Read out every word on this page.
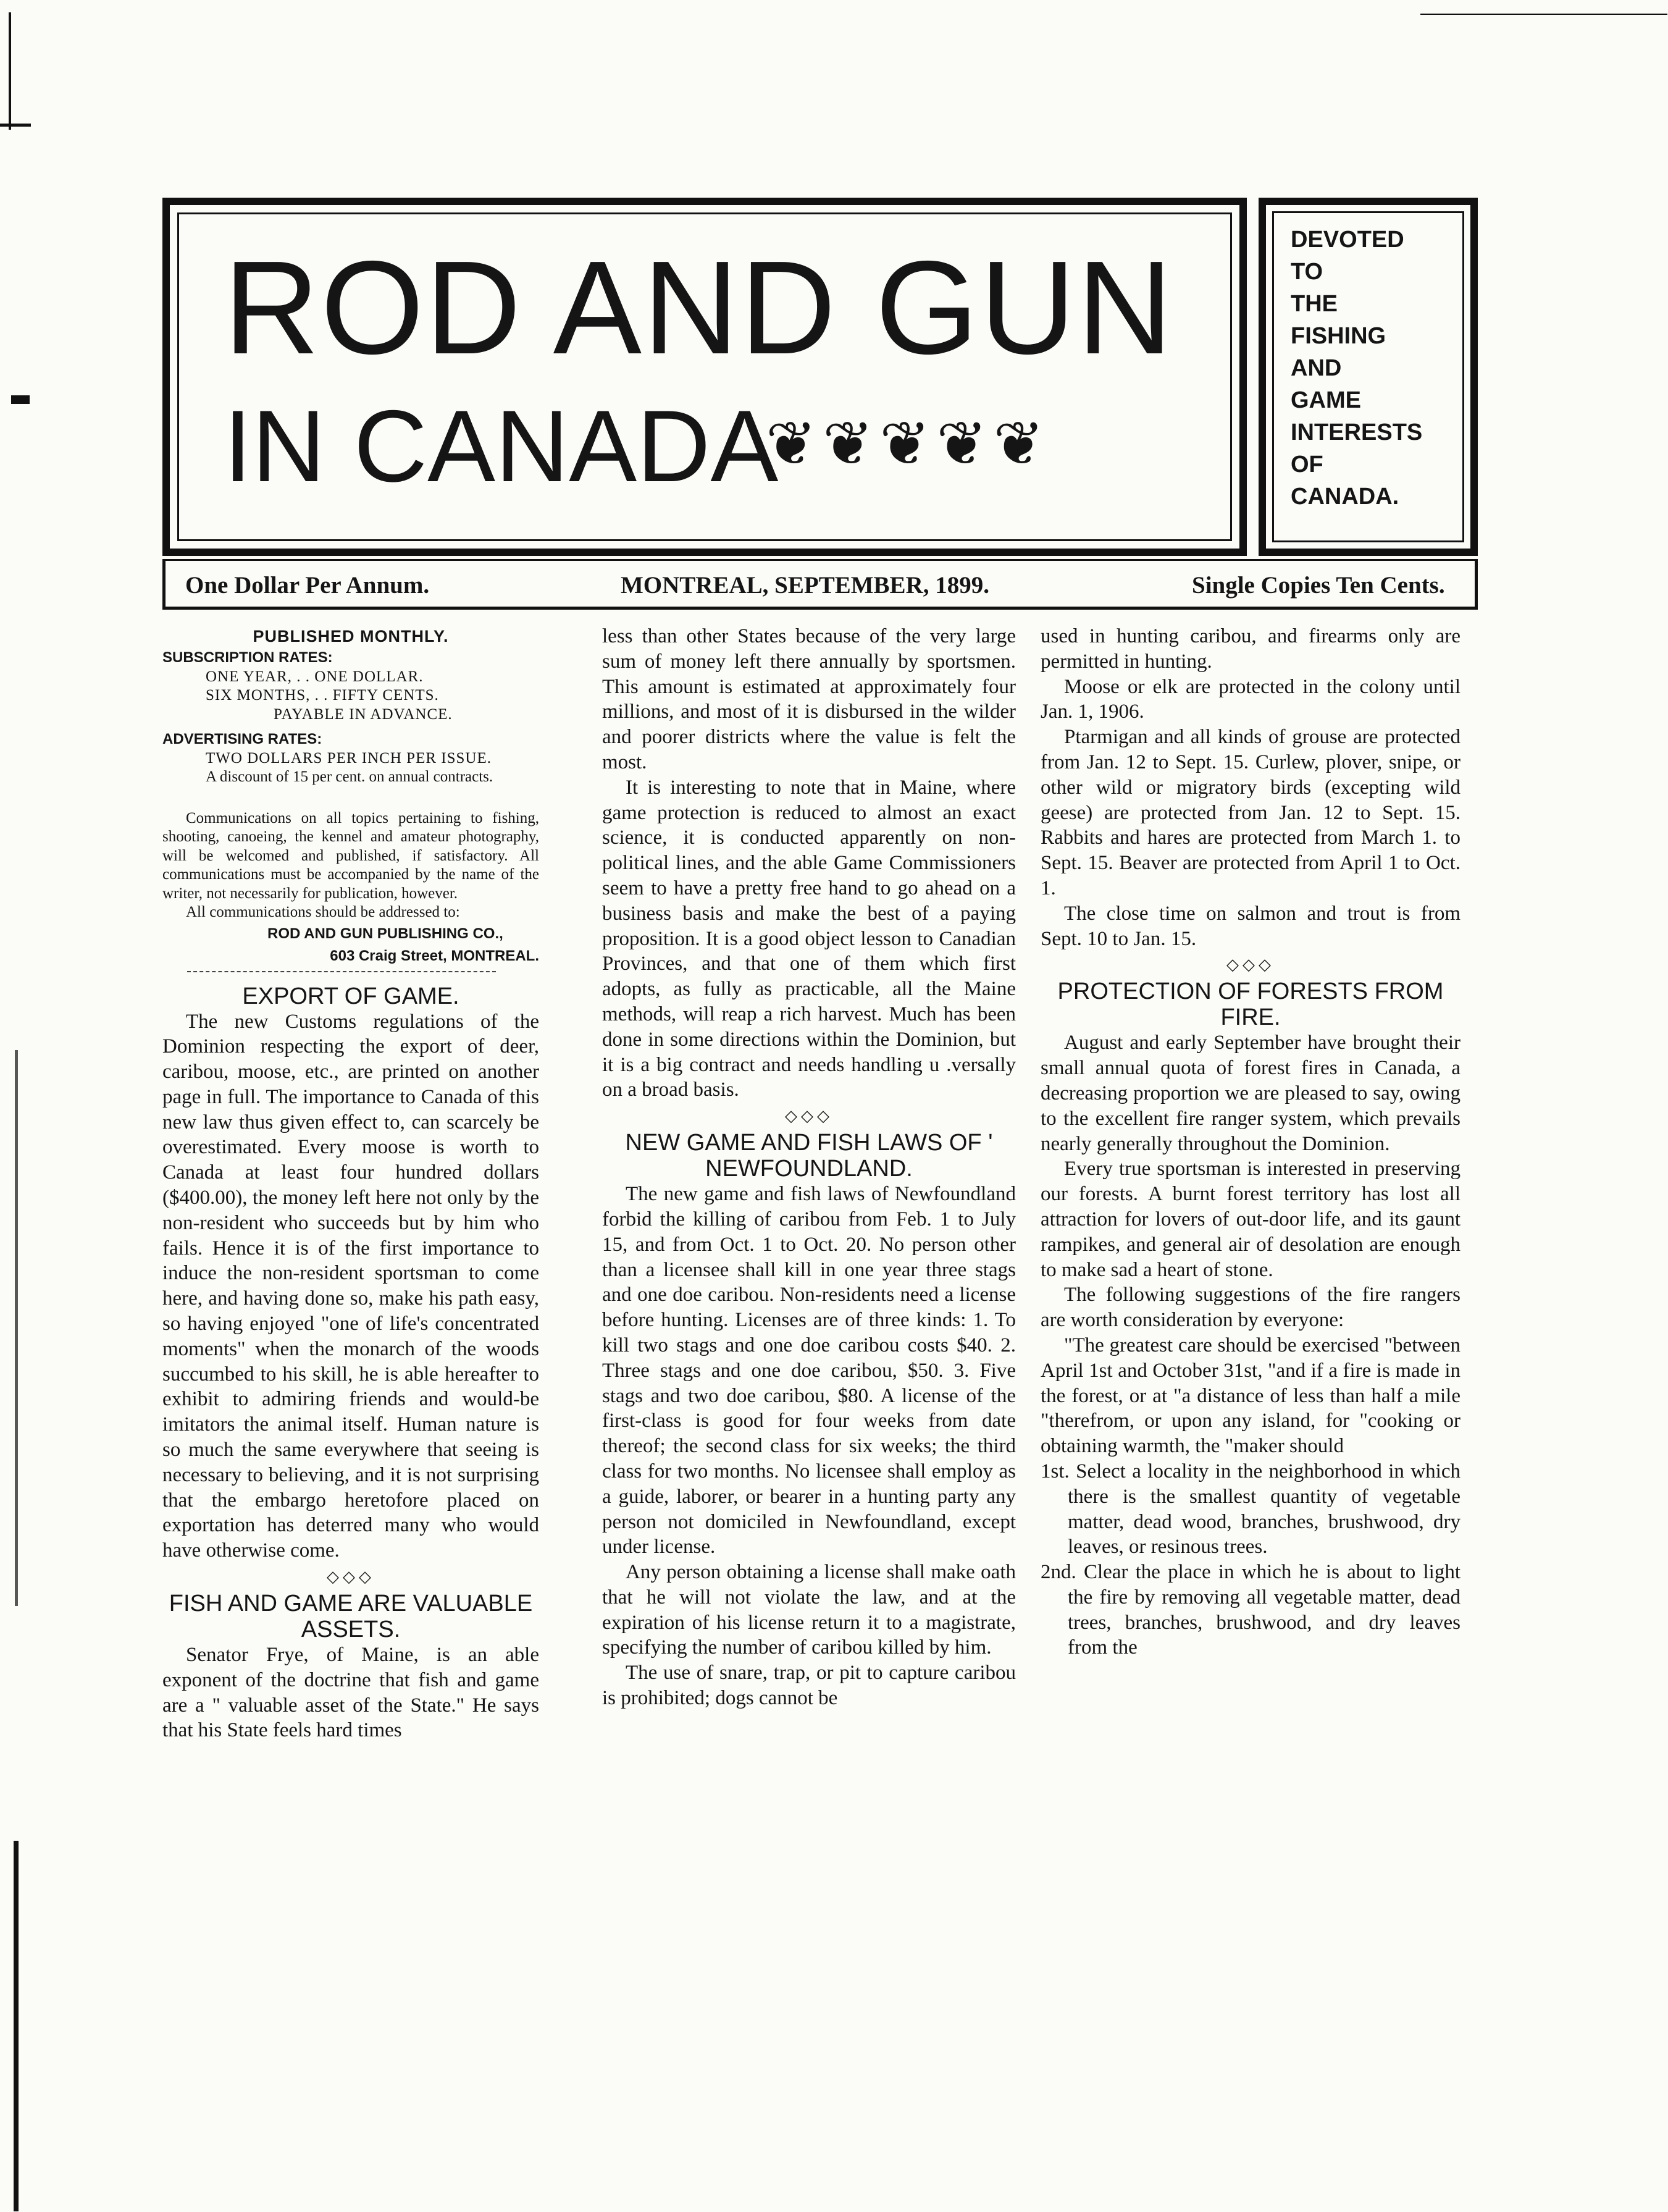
ROD AND GUN
IN CANADA
❦❦❦❦❦
DEVOTED
TO
THE
FISHING
AND
GAME
INTERESTS
OF
CANADA.
One Dollar Per Annum.	MONTREAL, SEPTEMBER, 1899.	Single Copies Ten Cents.

PUBLISHED MONTHLY.

SUBSCRIPTION RATES:

ONE YEAR, . . ONE DOLLAR.

SIX MONTHS, . . FIFTY CENTS.

PAYABLE IN ADVANCE.

ADVERTISING RATES:

TWO DOLLARS PER INCH PER ISSUE.

A discount of 15 per cent. on annual contracts.

Communications on all topics pertaining to fishing, shooting, canoeing, the kennel and amateur photography, will be welcomed and published, if satisfactory. All communications must be accompanied by the name of the writer, not necessarily for publication, however.

All communications should be addressed to:

ROD AND GUN PUBLISHING CO.,

603 Craig Street, MONTREAL.

EXPORT OF GAME.

The new Customs regulations of the Dominion respecting the export of deer, caribou, moose, etc., are printed on another page in full. The importance to Canada of this new law thus given effect to, can scarcely be overestimated. Every moose is worth to Canada at least four hundred dollars ($400.00), the money left here not only by the non-resident who succeeds but by him who fails. Hence it is of the first importance to induce the non-resident sportsman to come here, and having done so, make his path easy, so having enjoyed "one of life's concentrated moments" when the monarch of the woods succumbed to his skill, he is able hereafter to exhibit to admiring friends and would-be imitators the animal itself. Human nature is so much the same everywhere that seeing is necessary to believing, and it is not surprising that the embargo heretofore placed on exportation has deterred many who would have otherwise come.

◇◇◇

FISH AND GAME ARE VALUABLE ASSETS.

Senator Frye, of Maine, is an able exponent of the doctrine that fish and game are a " valuable asset of the State." He says that his State feels hard times

less than other States because of the very large sum of money left there annually by sportsmen. This amount is estimated at approximately four millions, and most of it is disbursed in the wilder and poorer districts where the value is felt the most.

It is interesting to note that in Maine, where game protection is reduced to almost an exact science, it is conducted apparently on non-political lines, and the able Game Commissioners seem to have a pretty free hand to go ahead on a business basis and make the best of a paying proposition. It is a good object lesson to Canadian Provinces, and that one of them which first adopts, as fully as practicable, all the Maine methods, will reap a rich harvest. Much has been done in some directions within the Dominion, but it is a big contract and needs handling u .versally on a broad basis.

◇◇◇

NEW GAME AND FISH LAWS OF ' NEWFOUNDLAND.

The new game and fish laws of Newfoundland forbid the killing of caribou from Feb. 1 to July 15, and from Oct. 1 to Oct. 20. No person other than a licensee shall kill in one year three stags and one doe caribou. Non-residents need a license before hunting. Licenses are of three kinds: 1. To kill two stags and one doe caribou costs $40. 2. Three stags and one doe caribou, $50. 3. Five stags and two doe caribou, $80. A license of the first-class is good for four weeks from date thereof; the second class for six weeks; the third class for two months. No licensee shall employ as a guide, laborer, or bearer in a hunting party any person not domiciled in Newfoundland, except under license.

Any person obtaining a license shall make oath that he will not violate the law, and at the expiration of his license return it to a magistrate, specifying the number of caribou killed by him.

The use of snare, trap, or pit to capture caribou is prohibited; dogs cannot be

used in hunting caribou, and firearms only are permitted in hunting.

Moose or elk are protected in the colony until Jan. 1, 1906.

Ptarmigan and all kinds of grouse are protected from Jan. 12 to Sept. 15. Curlew, plover, snipe, or other wild or migratory birds (excepting wild geese) are protected from Jan. 12 to Sept. 15. Rabbits and hares are protected from March 1. to Sept. 15. Beaver are protected from April 1 to Oct. 1.

The close time on salmon and trout is from Sept. 10 to Jan. 15.

◇◇◇

PROTECTION OF FORESTS FROM FIRE.

August and early September have brought their small annual quota of forest fires in Canada, a decreasing proportion we are pleased to say, owing to the excellent fire ranger system, which prevails nearly generally throughout the Dominion.

Every true sportsman is interested in preserving our forests. A burnt forest territory has lost all attraction for lovers of out-door life, and its gaunt rampikes, and general air of desolation are enough to make sad a heart of stone.

The following suggestions of the fire rangers are worth consideration by everyone:

"The greatest care should be exercised "between April 1st and October 31st, "and if a fire is made in the forest, or at "a distance of less than half a mile "therefrom, or upon any island, for "cooking or obtaining warmth, the "maker should

1st. Select a locality in the neighborhood in which there is the smallest quantity of vegetable matter, dead wood, branches, brushwood, dry leaves, or resinous trees.

2nd. Clear the place in which he is about to light the fire by removing all vegetable matter, dead trees, branches, brushwood, and dry leaves from the
